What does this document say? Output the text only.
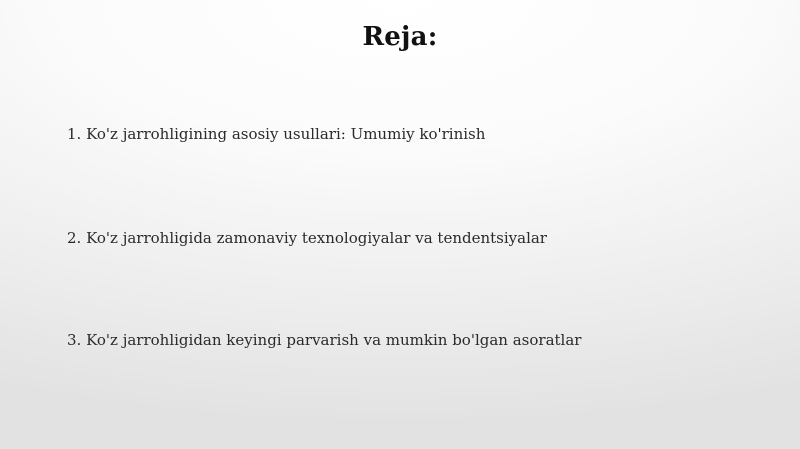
Reja:
1. Ko'z jarrohligining asosiy usullari: Umumiy ko'rinish
2. Ko'z jarrohligida zamonaviy texnologiyalar va tendentsiyalar
3. Ko'z jarrohligidan keyingi parvarish va mumkin bo'lgan asoratlar
